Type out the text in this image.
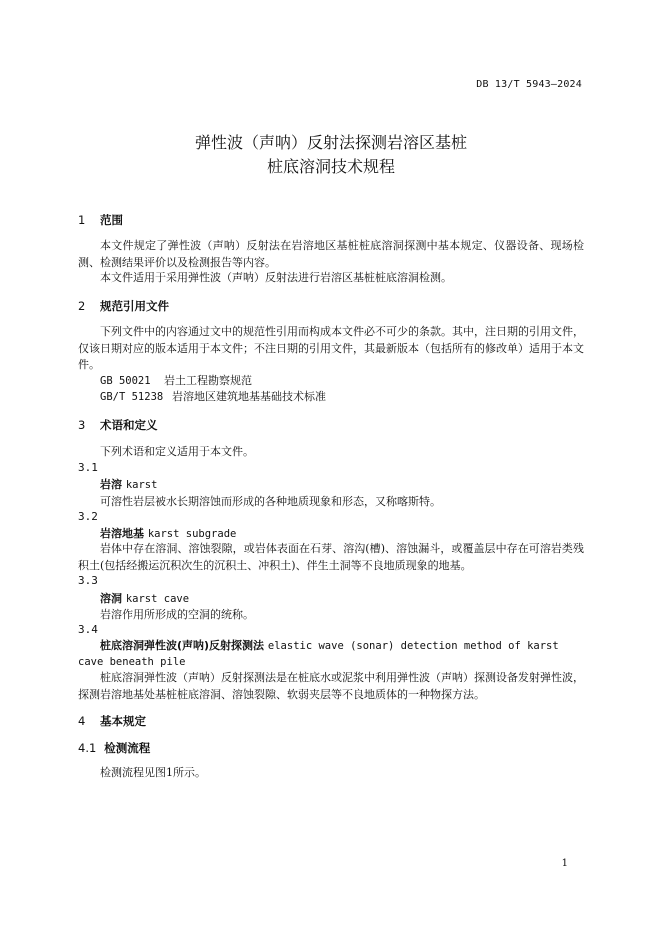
DB 13/T 5943—2024
弹性波（声呐）反射法探测岩溶区基桩
桩底溶洞技术规程
1 范围
本文件规定了弹性波（声呐）反射法在岩溶地区基桩桩底溶洞探测中基本规定、仪器设备、现场检测、检测结果评价以及检测报告等内容。
本文件适用于采用弹性波（声呐）反射法进行岩溶区基桩桩底溶洞检测。
2 规范引用文件
下列文件中的内容通过文中的规范性引用而构成本文件必不可少的条款。其中，注日期的引用文件，仅该日期对应的版本适用于本文件；不注日期的引用文件，其最新版本（包括所有的修改单）适用于本文件。
GB 50021 岩土工程勘察规范
GB/T 51238 岩溶地区建筑地基基础技术标准
3 术语和定义
下列术语和定义适用于本文件。
3.1
岩溶 karst
可溶性岩层被水长期溶蚀而形成的各种地质现象和形态，又称喀斯特。
3.2
岩溶地基 karst subgrade
岩体中存在溶洞、溶蚀裂隙，或岩体表面在石芽、溶沟(槽)、溶蚀漏斗，或覆盖层中存在可溶岩类残积土(包括经搬运沉积次生的沉积土、冲积土)、伴生土洞等不良地质现象的地基。
3.3
溶洞 karst cave
岩溶作用所形成的空洞的统称。
3.4
桩底溶洞弹性波(声呐)反射探测法 elastic wave (sonar) detection method of karst cave beneath pile
桩底溶洞弹性波（声呐）反射探测法是在桩底水或泥浆中利用弹性波（声呐）探测设备发射弹性波，探测岩溶地基处基桩桩底溶洞、溶蚀裂隙、软弱夹层等不良地质体的一种物探方法。
4 基本规定
4.1 检测流程
检测流程见图1所示。
1
